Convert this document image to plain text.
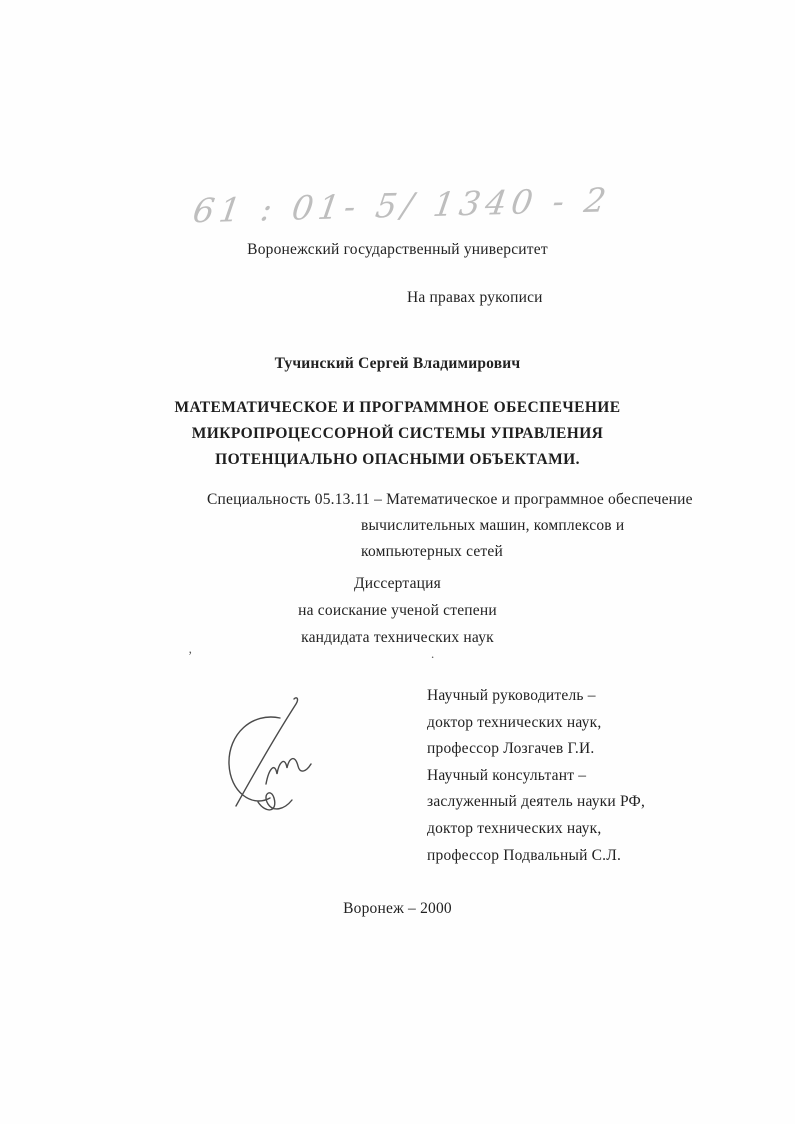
61 : 01- 5/ 1340 - 2
Воронежский государственный университет
На правах рукописи
Тучинский Сергей Владимирович
МАТЕМАТИЧЕСКОЕ И ПРОГРАММНОЕ ОБЕСПЕЧЕНИЕ
МИКРОПРОЦЕССОРНОЙ СИСТЕМЫ УПРАВЛЕНИЯ
ПОТЕНЦИАЛЬНО ОПАСНЫМИ ОБЪЕКТАМИ.
Специальность 05.13.11 – Математическое и программное обеспечение
вычислительных машин, комплексов и
компьютерных сетей
Диссертация
на соискание ученой степени
кандидата технических наук
’	.
Научный руководитель –
доктор технических наук,
профессор Лозгачев Г.И.
Научный консультант –
заслуженный деятель науки РФ,
доктор технических наук,
профессор Подвальный С.Л.
Воронеж – 2000
